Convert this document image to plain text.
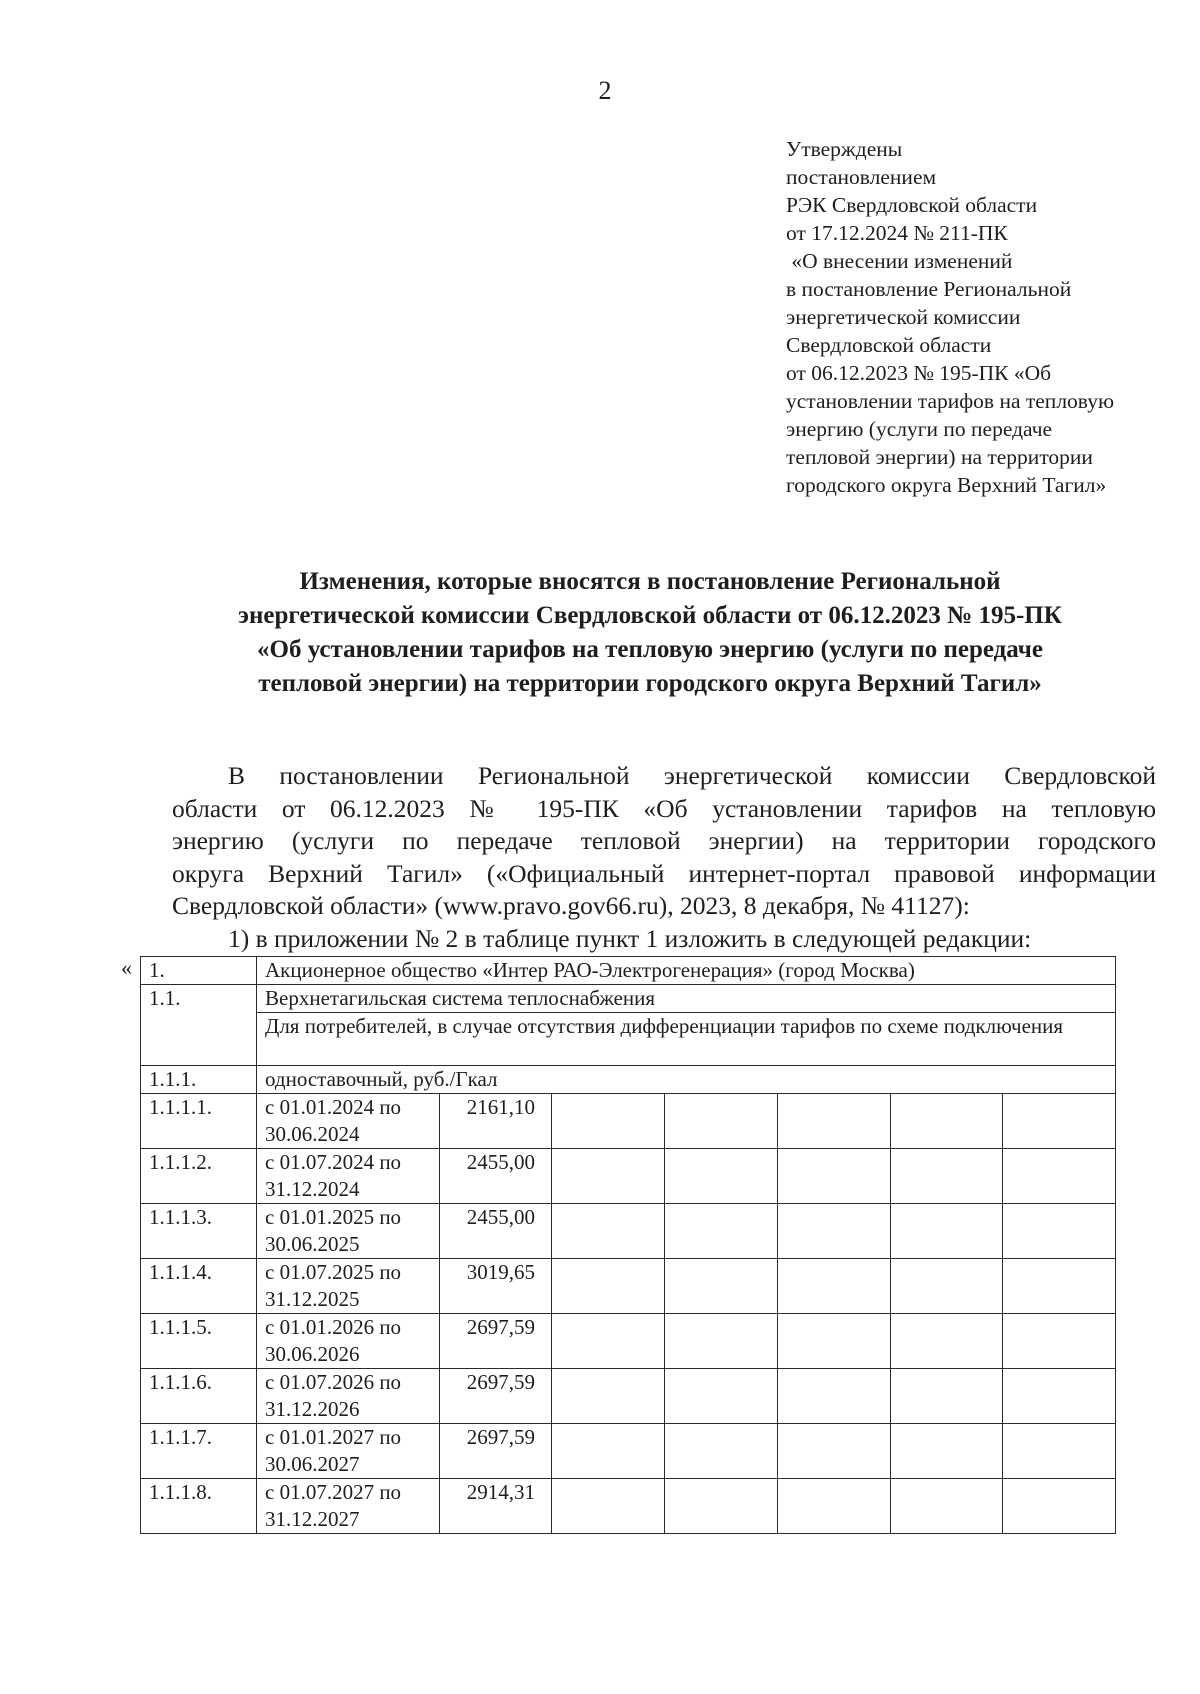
2
Утверждены
постановлением
РЭК Свердловской области
от 17.12.2024 № 211-ПК
«О внесении изменений
в постановление Региональной
энергетической комиссии
Свердловской области
от 06.12.2023 № 195-ПК «Об
установлении тарифов на тепловую
энергию (услуги по передаче
тепловой энергии) на территории
городского округа Верхний Тагил»
Изменения, которые вносятся в постановление Региональной
энергетической комиссии Свердловской области от 06.12.2023 № 195-ПК
«Об установлении тарифов на тепловую энергию (услуги по передаче
тепловой энергии) на территории городского округа Верхний Тагил»
В постановлении Региональной энергетической комиссии Свердловской
области от 06.12.2023 № 195-ПК «Об установлении тарифов на тепловую
энергию (услуги по передаче тепловой энергии) на территории городского
округа Верхний Тагил» («Официальный интернет-портал правовой информации
Свердловской области» (www.pravo.gov66.ru), 2023, 8 декабря, № 41127):
1) в приложении № 2 в таблице пункт 1 изложить в следующей редакции:
« 1.	Акционерное общество «Интер РАО-Электрогенерация» (город Москва)						
1.1.	Верхнетагильская система теплоснабжения						
	Для потребителей, в случае отсутствия дифференциации тарифов по схеме подключения						
1.1.1.	одноставочный, руб./Гкал						
1.1.1.1.	с 01.01.2024 по 30.06.2024	2161,10					
1.1.1.2.	с 01.07.2024 по 31.12.2024	2455,00					
1.1.1.3.	с 01.01.2025 по 30.06.2025	2455,00					
1.1.1.4.	с 01.07.2025 по 31.12.2025	3019,65					
1.1.1.5.	с 01.01.2026 по 30.06.2026	2697,59					
1.1.1.6.	с 01.07.2026 по 31.12.2026	2697,59					
1.1.1.7.	с 01.01.2027 по 30.06.2027	2697,59					
1.1.1.8.	с 01.07.2027 по 31.12.2027	2914,31					
